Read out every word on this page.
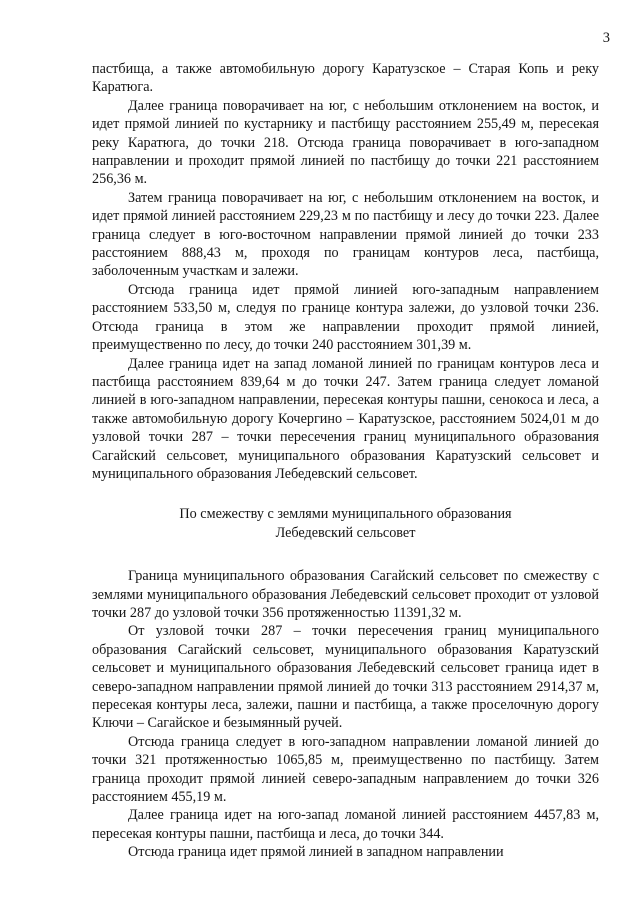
3

пастбища, а также автомобильную дорогу Каратузское – Старая Копь и реку Каратюга.

Далее граница поворачивает на юг, с небольшим отклонением на восток, и идет прямой линией по кустарнику и пастбищу расстоянием 255,49 м, пересекая реку Каратюга, до точки 218. Отсюда граница поворачивает в юго-западном направлении и проходит прямой линией по пастбищу до точки 221 расстоянием 256,36 м.

Затем граница поворачивает на юг, с небольшим отклонением на восток, и идет прямой линией расстоянием 229,23 м по пастбищу и лесу до точки 223. Далее граница следует в юго-восточном направлении прямой линией до точки 233 расстоянием 888,43 м, проходя по границам контуров леса, пастбища, заболоченным участкам и залежи.

Отсюда граница идет прямой линией юго-западным направлением расстоянием 533,50 м, следуя по границе контура залежи, до узловой точки 236. Отсюда граница в этом же направлении проходит прямой линией, преимущественно по лесу, до точки 240 расстоянием 301,39 м.

Далее граница идет на запад ломаной линией по границам контуров леса и пастбища расстоянием 839,64 м до точки 247. Затем граница следует ломаной линией в юго-западном направлении, пересекая контуры пашни, сенокоса и леса, а также автомобильную дорогу Кочергино – Каратузское, расстоянием 5024,01 м до узловой точки 287 – точки пересечения границ муниципального образования Сагайский сельсовет, муниципального образования Каратузский сельсовет и муниципального образования Лебедевский сельсовет.

По смежеству с землями муниципального образования
Лебедевский сельсовет

Граница муниципального образования Сагайский сельсовет по смежеству с землями муниципального образования Лебедевский сельсовет проходит от узловой точки 287 до узловой точки 356 протяженностью 11391,32 м.

От узловой точки 287 – точки пересечения границ муниципального образования Сагайский сельсовет, муниципального образования Каратузский сельсовет и муниципального образования Лебедевский сельсовет граница идет в северо-западном направлении прямой линией до точки 313 расстоянием 2914,37 м, пересекая контуры леса, залежи, пашни и пастбища, а также проселочную дорогу Ключи – Сагайское и безымянный ручей.

Отсюда граница следует в юго-западном направлении ломаной линией до точки 321 протяженностью 1065,85 м, преимущественно по пастбищу. Затем граница проходит прямой линией северо-западным направлением до точки 326 расстоянием 455,19 м.

Далее граница идет на юго-запад ломаной линией расстоянием 4457,83 м, пересекая контуры пашни, пастбища и леса, до точки 344.

Отсюда граница идет прямой линией в западном направлении
